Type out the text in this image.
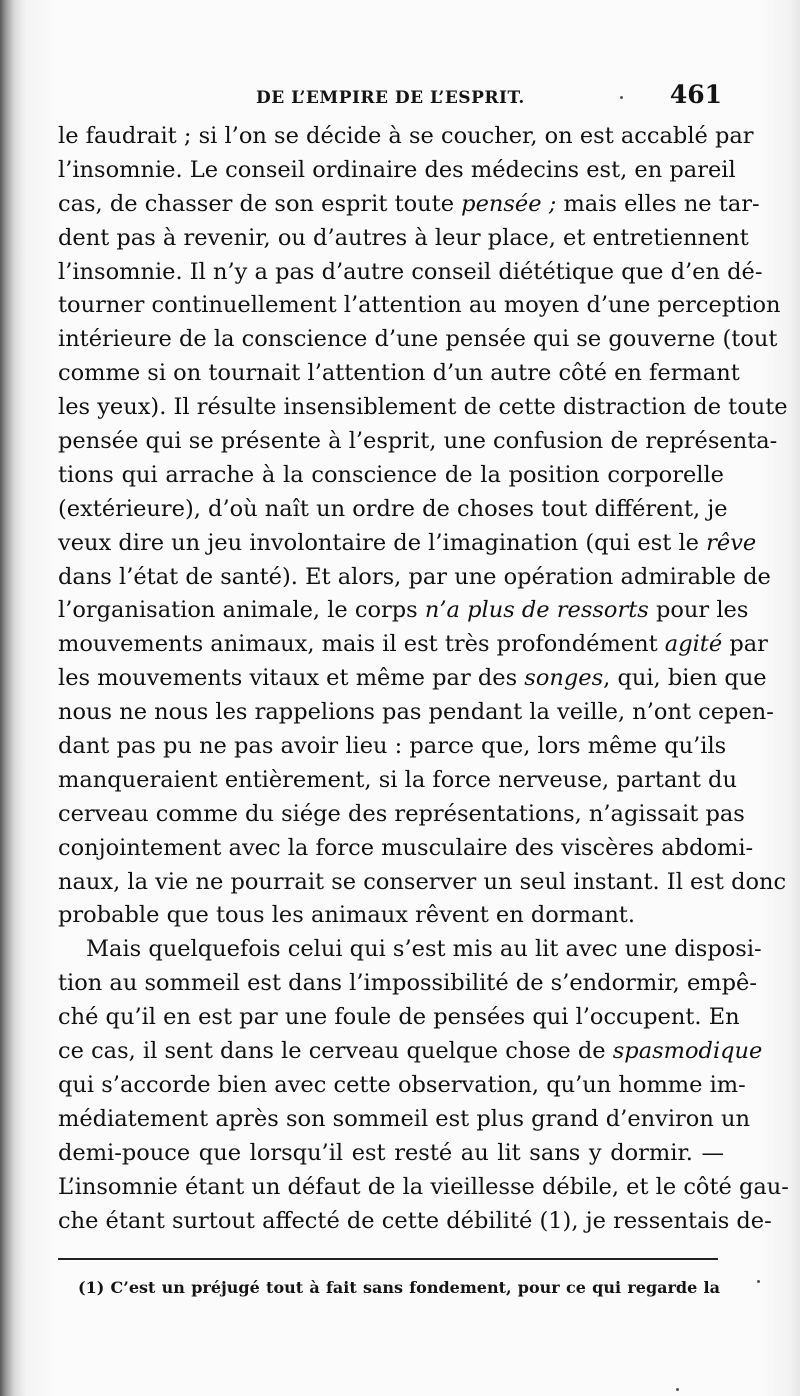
DE L’EMPIRE DE L’ESPRIT.	461
le faudrait ; si l’on se décide à se coucher, on est accablé par
l’insomnie. Le conseil ordinaire des médecins est, en pareil
cas, de chasser de son esprit toute pensée ; mais elles ne tar-
dent pas à revenir, ou d’autres à leur place, et entretiennent
l’insomnie. Il n’y a pas d’autre conseil diététique que d’en dé-
tourner continuellement l’attention au moyen d’une perception
intérieure de la conscience d’une pensée qui se gouverne (tout
comme si on tournait l’attention d’un autre côté en fermant
les yeux). Il résulte insensiblement de cette distraction de toute
pensée qui se présente à l’esprit, une confusion de représenta-
tions qui arrache à la conscience de la position corporelle
(extérieure), d’où naît un ordre de choses tout différent, je
veux dire un jeu involontaire de l’imagination (qui est le rêve
dans l’état de santé). Et alors, par une opération admirable de
l’organisation animale, le corps n’a plus de ressorts pour les
mouvements animaux, mais il est très profondément agité par
les mouvements vitaux et même par des songes, qui, bien que
nous ne nous les rappelions pas pendant la veille, n’ont cepen-
dant pas pu ne pas avoir lieu : parce que, lors même qu’ils
manqueraient entièrement, si la force nerveuse, partant du
cerveau comme du siége des représentations, n’agissait pas
conjointement avec la force musculaire des viscères abdomi-
naux, la vie ne pourrait se conserver un seul instant. Il est donc
probable que tous les animaux rêvent en dormant.
Mais quelquefois celui qui s’est mis au lit avec une disposi-
tion au sommeil est dans l’impossibilité de s’endormir, empê-
ché qu’il en est par une foule de pensées qui l’occupent. En
ce cas, il sent dans le cerveau quelque chose de spasmodique
qui s’accorde bien avec cette observation, qu’un homme im-
médiatement après son sommeil est plus grand d’environ un
demi-pouce que lorsqu’il est resté au lit sans y dormir. —
L’insomnie étant un défaut de la vieillesse débile, et le côté gau-
che étant surtout affecté de cette débilité (1), je ressentais de-
(1) C’est un préjugé tout à fait sans fondement, pour ce qui regarde la
